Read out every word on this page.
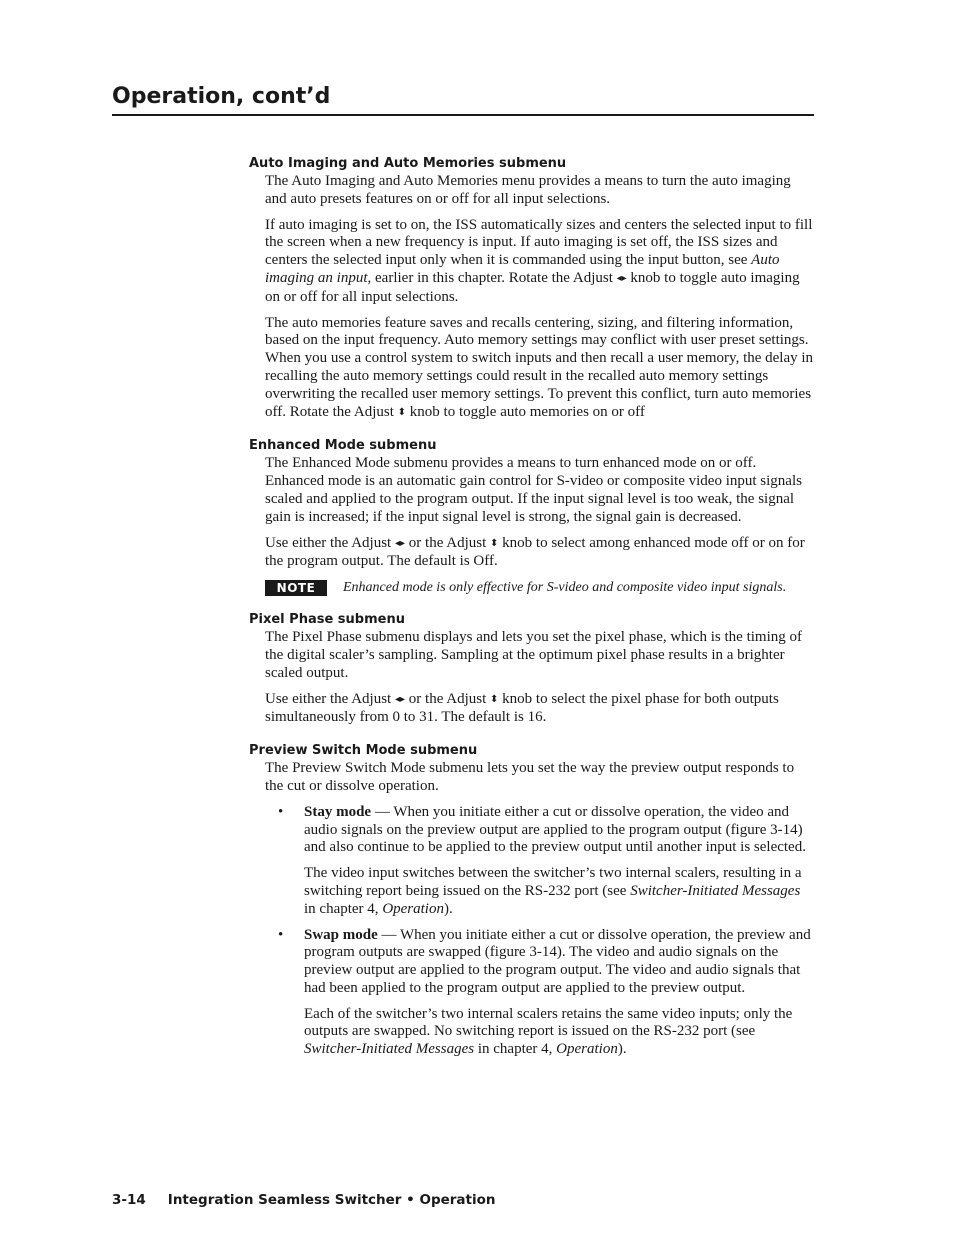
Operation, cont’d

Auto Imaging and Auto Memories submenu

The Auto Imaging and Auto Memories menu provides a means to turn the auto imaging and auto presets features on or off for all input selections.

If auto imaging is set to on, the ISS automatically sizes and centers the selected input to fill the screen when a new frequency is input. If auto imaging is set off, the ISS sizes and centers the selected input only when it is commanded using the input button, see Auto imaging an input, earlier in this chapter. Rotate the Adjust ◂▸ knob to toggle auto imaging on or off for all input selections.

The auto memories feature saves and recalls centering, sizing, and filtering information, based on the input frequency. Auto memory settings may conflict with user preset settings. When you use a control system to switch inputs and then recall a user memory, the delay in recalling the auto memory settings could result in the recalled auto memory settings overwriting the recalled user memory settings. To prevent this conflict, turn auto memories off. Rotate the Adjust ⬍ knob to toggle auto memories on or off

Enhanced Mode submenu

The Enhanced Mode submenu provides a means to turn enhanced mode on or off. Enhanced mode is an automatic gain control for S-video or composite video input signals scaled and applied to the program output. If the input signal level is too weak, the signal gain is increased; if the input signal level is strong, the signal gain is decreased.

Use either the Adjust ◂▸ or the Adjust ⬍ knob to select among enhanced mode off or on for the program output. The default is Off.

NOTE	Enhanced mode is only effective for S-video and composite video input signals.

Pixel Phase submenu

The Pixel Phase submenu displays and lets you set the pixel phase, which is the timing of the digital scaler’s sampling. Sampling at the optimum pixel phase results in a brighter scaled output.

Use either the Adjust ◂▸ or the Adjust ⬍ knob to select the pixel phase for both outputs simultaneously from 0 to 31. The default is 16.

Preview Switch Mode submenu

The Preview Switch Mode submenu lets you set the way the preview output responds to the cut or dissolve operation.

• Stay mode — When you initiate either a cut or dissolve operation, the video and audio signals on the preview output are applied to the program output (figure 3-14) and also continue to be applied to the preview output until another input is selected.

The video input switches between the switcher’s two internal scalers, resulting in a switching report being issued on the RS-232 port (see Switcher-Initiated Messages in chapter 4, Operation).

• Swap mode — When you initiate either a cut or dissolve operation, the preview and program outputs are swapped (figure 3-14). The video and audio signals on the preview output are applied to the program output. The video and audio signals that had been applied to the program output are applied to the preview output.

Each of the switcher’s two internal scalers retains the same video inputs; only the outputs are swapped. No switching report is issued on the RS-232 port (see Switcher-Initiated Messages in chapter 4, Operation).

3-14 Integration Seamless Switcher • Operation
